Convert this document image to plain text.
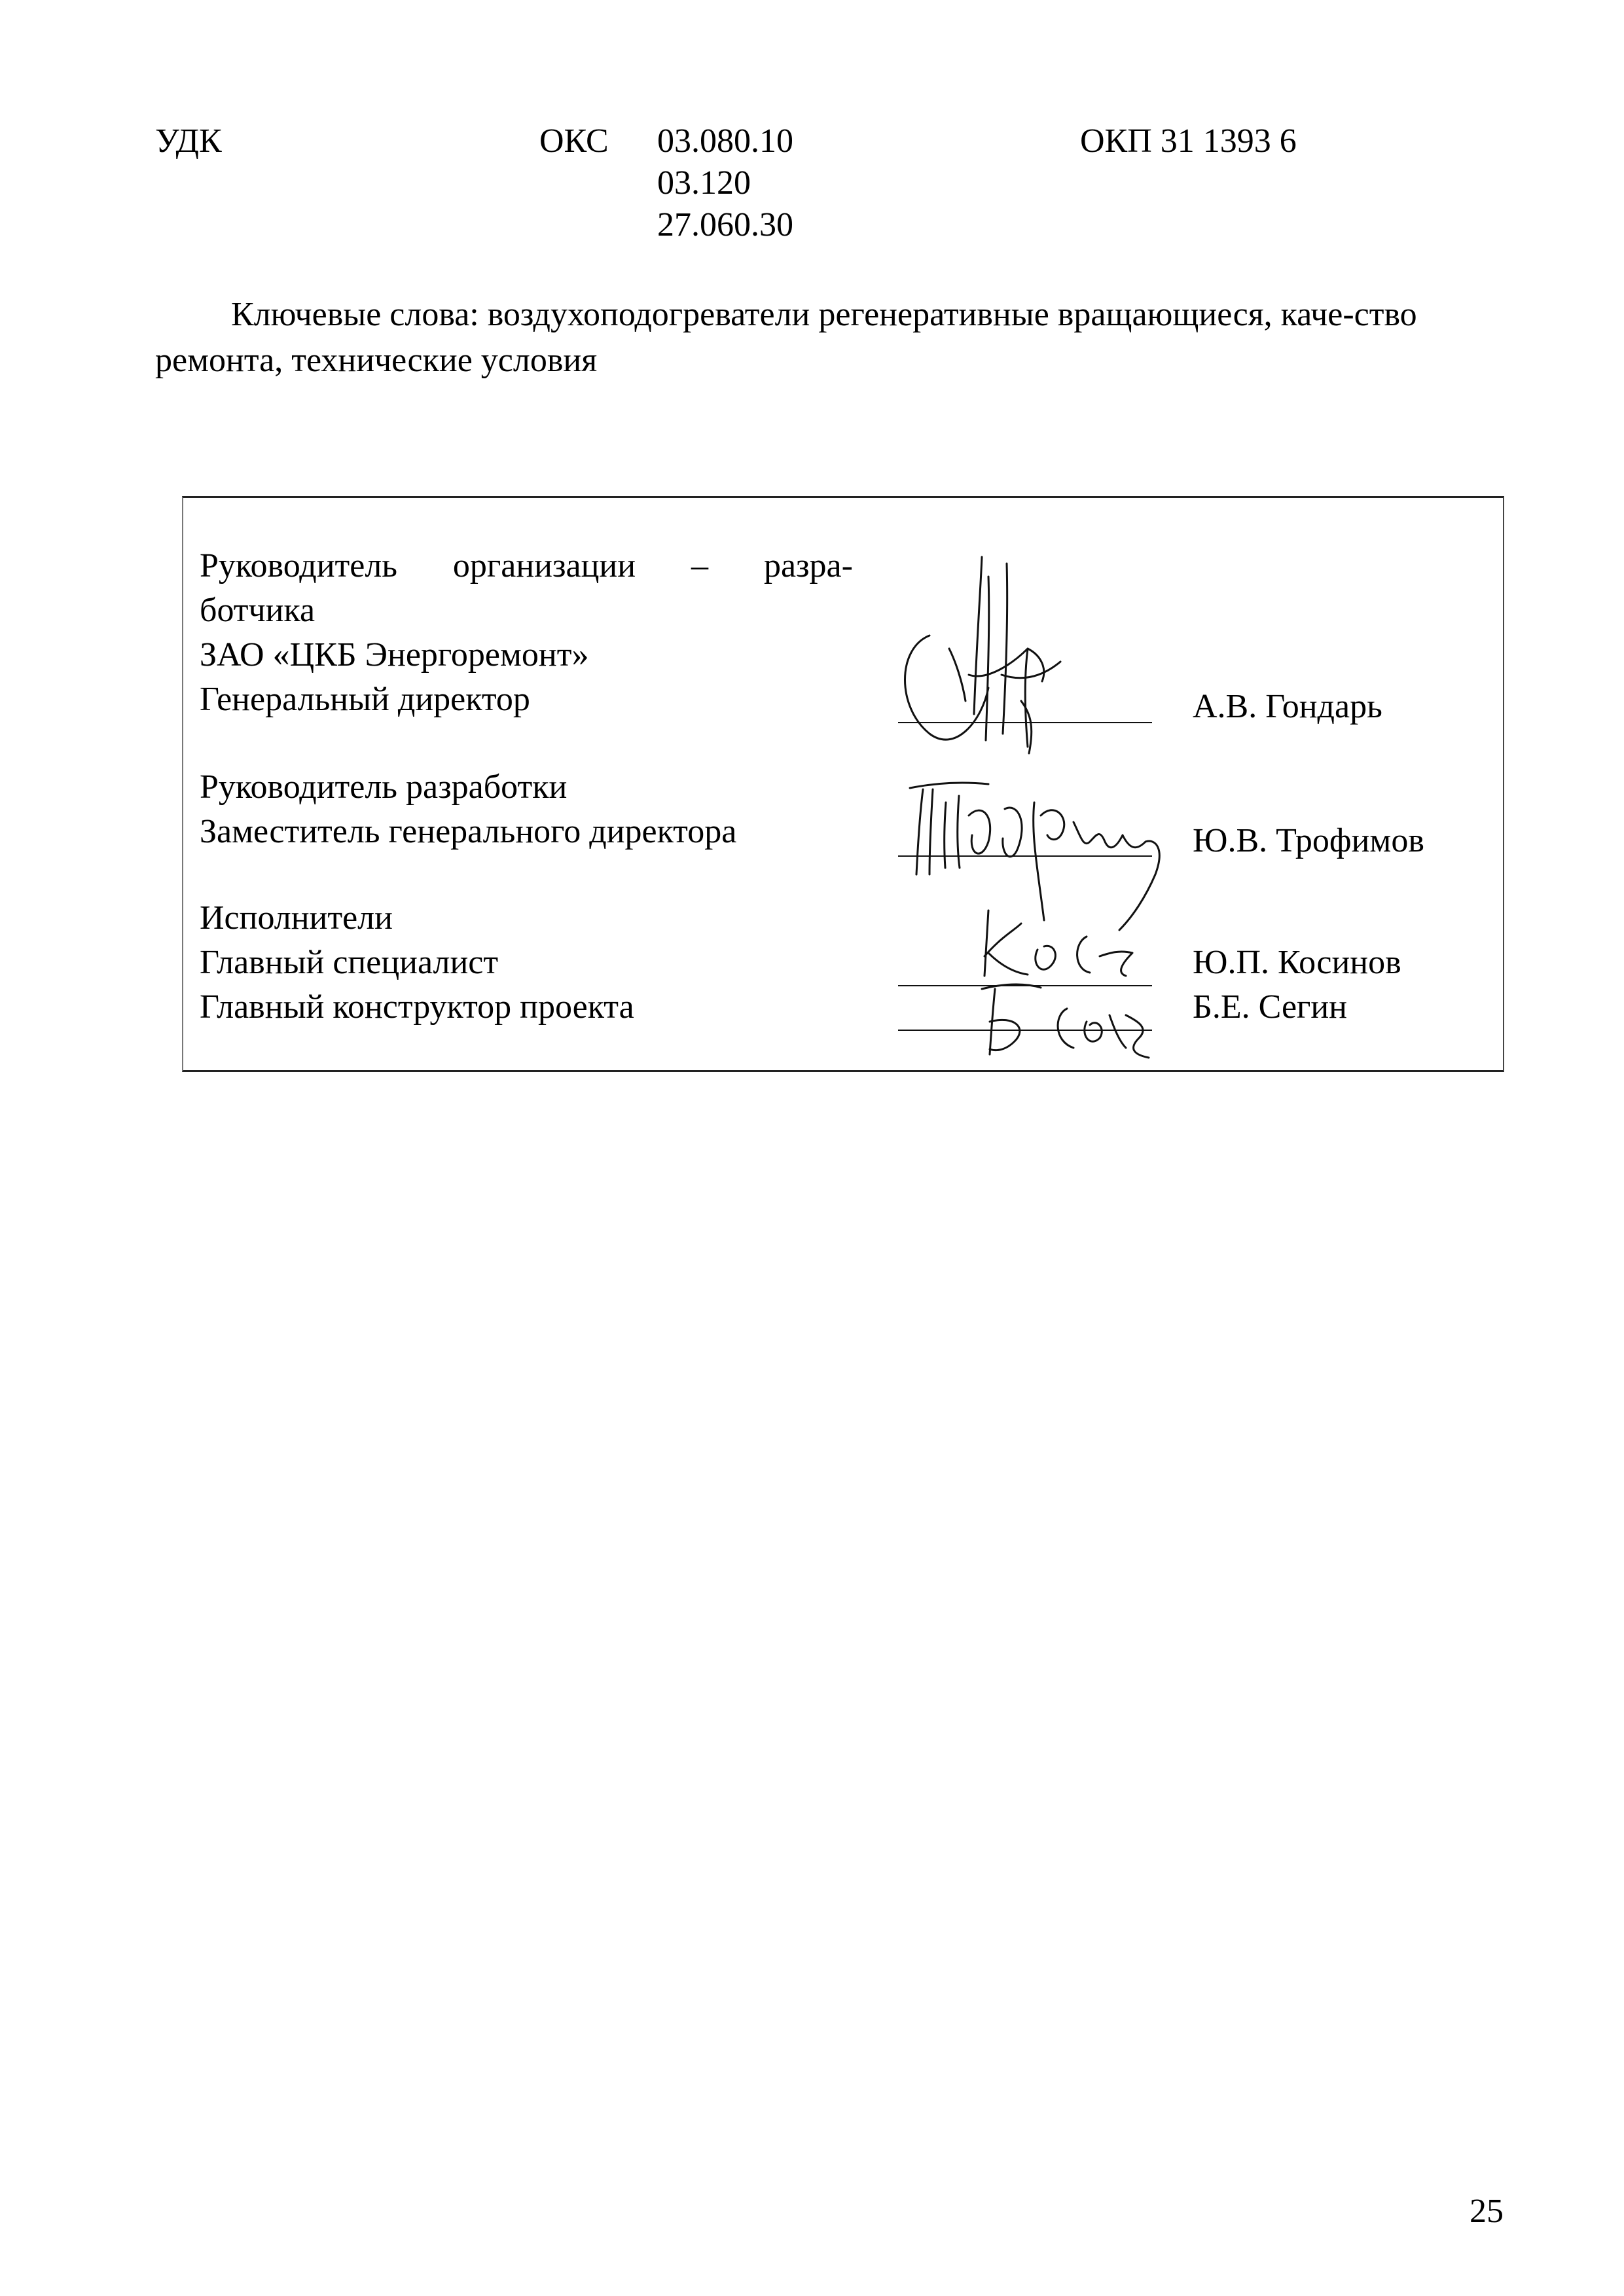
УДК	ОКС 03.080.10
03.120
27.060.30
ОКП 31 1393 6
Ключевые слова: воздухоподогреватели регенеративные вращающиеся, каче-ство ремонта, технические условия
Руководитель организации – разра-
ботчика
ЗАО «ЦКБ Энергоремонт»
Генеральный директор
Руководитель разработки
Заместитель генерального директора
Исполнители
Главный специалист
Главный конструктор проекта
А.В. Гондарь
Ю.В. Трофимов
Ю.П. Косинов
Б.Е. Сегин
25
